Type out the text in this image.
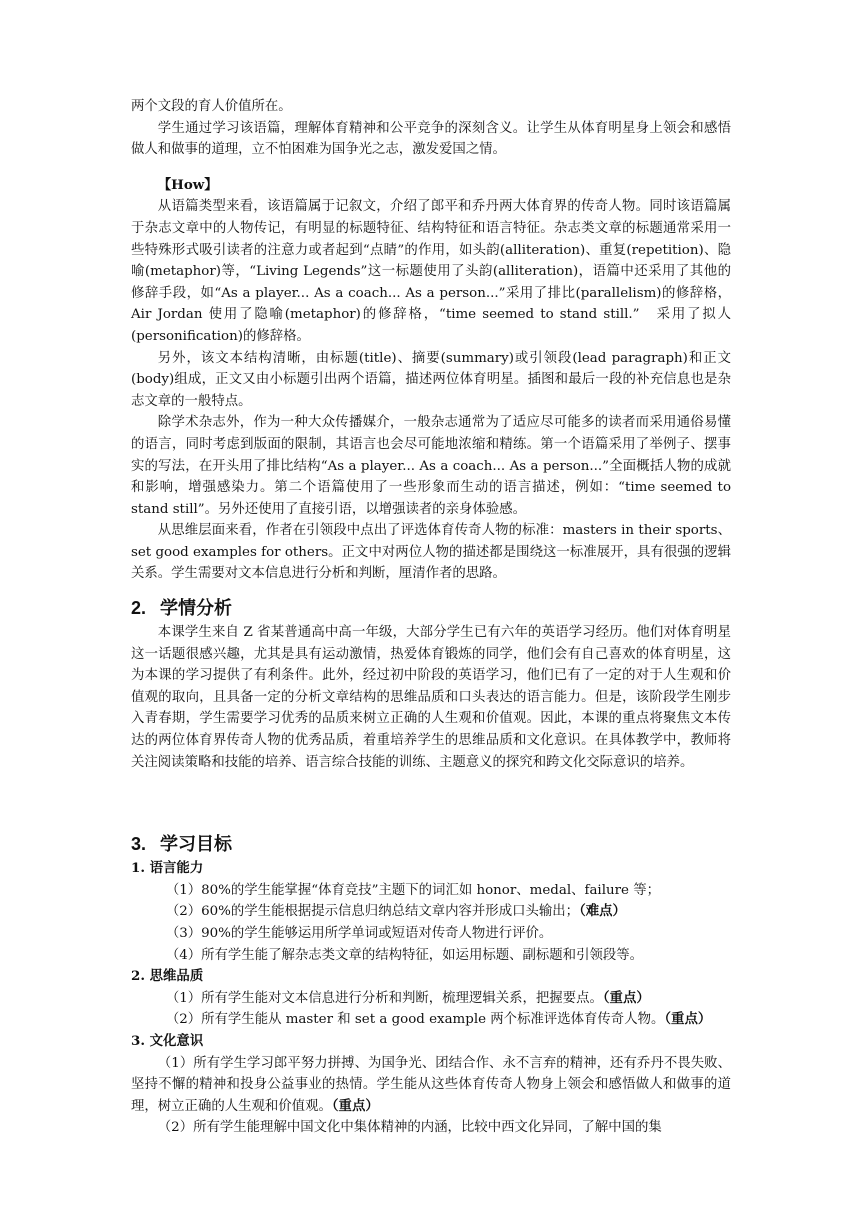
两个文段的育人价值所在。

学生通过学习该语篇，理解体育精神和公平竞争的深刻含义。让学生从体育明星身上领会和感悟做人和做事的道理，立不怕困难为国争光之志，激发爱国之情。

【How】

从语篇类型来看，该语篇属于记叙文，介绍了郎平和乔丹两大体育界的传奇人物。同时该语篇属于杂志文章中的人物传记，有明显的标题特征、结构特征和语言特征。杂志类文章的标题通常采用一些特殊形式吸引读者的注意力或者起到“点睛”的作用，如头韵(alliteration)、重复(repetition)、隐喻(metaphor)等，“Living Legends”这一标题使用了头韵(alliteration)，语篇中还采用了其他的修辞手段，如“As a player... As a coach... As a person...”采用了排比(parallelism)的修辞格，Air Jordan 使用了隐喻(metaphor)的修辞格，“time seemed to stand still.”　采用了拟人(personification)的修辞格。

另外，该文本结构清晰，由标题(title)、摘要(summary)或引领段(lead paragraph)和正文(body)组成，正文又由小标题引出两个语篇，描述两位体育明星。插图和最后一段的补充信息也是杂志文章的一般特点。

除学术杂志外，作为一种大众传播媒介，一般杂志通常为了适应尽可能多的读者而采用通俗易懂的语言，同时考虑到版面的限制，其语言也会尽可能地浓缩和精练。第一个语篇采用了举例子、摆事实的写法，在开头用了排比结构“As a player... As a coach... As a person...”全面概括人物的成就和影响，增强感染力。第二个语篇使用了一些形象而生动的语言描述，例如：“time seemed to stand still”。另外还使用了直接引语，以增强读者的亲身体验感。

从思维层面来看，作者在引领段中点出了评选体育传奇人物的标准：masters in their sports、set good examples for others。正文中对两位人物的描述都是围绕这一标准展开，具有很强的逻辑关系。学生需要对文本信息进行分析和判断，厘清作者的思路。

2. 学情分析

本课学生来自 Z 省某普通高中高一年级，大部分学生已有六年的英语学习经历。他们对体育明星这一话题很感兴趣，尤其是具有运动激情，热爱体育锻炼的同学，他们会有自己喜欢的体育明星，这为本课的学习提供了有利条件。此外，经过初中阶段的英语学习，他们已有了一定的对于人生观和价值观的取向，且具备一定的分析文章结构的思维品质和口头表达的语言能力。但是，该阶段学生刚步入青春期，学生需要学习优秀的品质来树立正确的人生观和价值观。因此，本课的重点将聚焦文本传达的两位体育界传奇人物的优秀品质，着重培养学生的思维品质和文化意识。在具体教学中，教师将关注阅读策略和技能的培养、语言综合技能的训练、主题意义的探究和跨文化交际意识的培养。

3. 学习目标

1. 语言能力

（1）80%的学生能掌握“体育竞技”主题下的词汇如 honor、medal、failure 等；

（2）60%的学生能根据提示信息归纳总结文章内容并形成口头输出；（难点）

（3）90%的学生能够运用所学单词或短语对传奇人物进行评价。

（4）所有学生能了解杂志类文章的结构特征，如运用标题、副标题和引领段等。

2. 思维品质

（1）所有学生能对文本信息进行分析和判断，梳理逻辑关系，把握要点。（重点）

（2）所有学生能从 master 和 set a good example 两个标准评选体育传奇人物。（重点）

3. 文化意识

（1）所有学生学习郎平努力拼搏、为国争光、团结合作、永不言弃的精神，还有乔丹不畏失败、坚持不懈的精神和投身公益事业的热情。学生能从这些体育传奇人物身上领会和感悟做人和做事的道理，树立正确的人生观和价值观。（重点）

（2）所有学生能理解中国文化中集体精神的内涵，比较中西文化异同，了解中国的集
